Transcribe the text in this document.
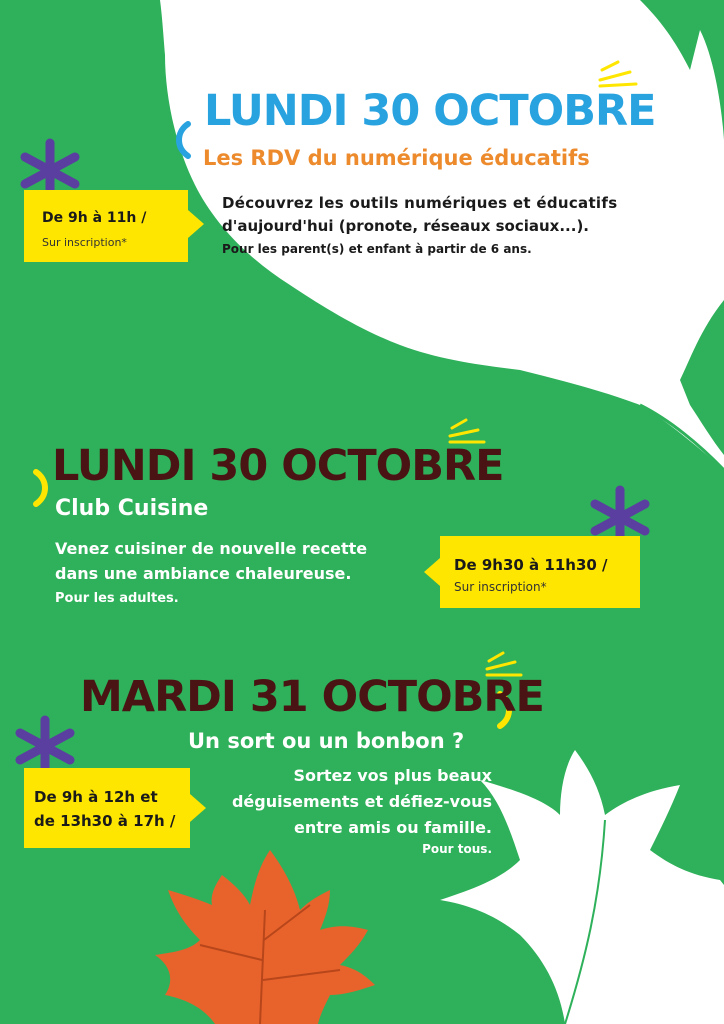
LUNDI 30 OCTOBRE
Les RDV du numérique éducatifs
De 9h à 11h /
Sur inscription*
Découvrez les outils numériques et éducatifs
d'aujourd'hui (pronote, réseaux sociaux...).
Pour les parent(s) et enfant à partir de 6 ans.
LUNDI 30 OCTOBRE
Club Cuisine
Venez cuisiner de nouvelle recette
dans une ambiance chaleureuse.
Pour les adultes.
De 9h30 à 11h30 /
Sur inscription*
MARDI 31 OCTOBRE
Un sort ou un bonbon ?
De 9h à 12h et
de 13h30 à 17h /
Sortez vos plus beaux
déguisements et défiez-vous
entre amis ou famille.
Pour tous.
